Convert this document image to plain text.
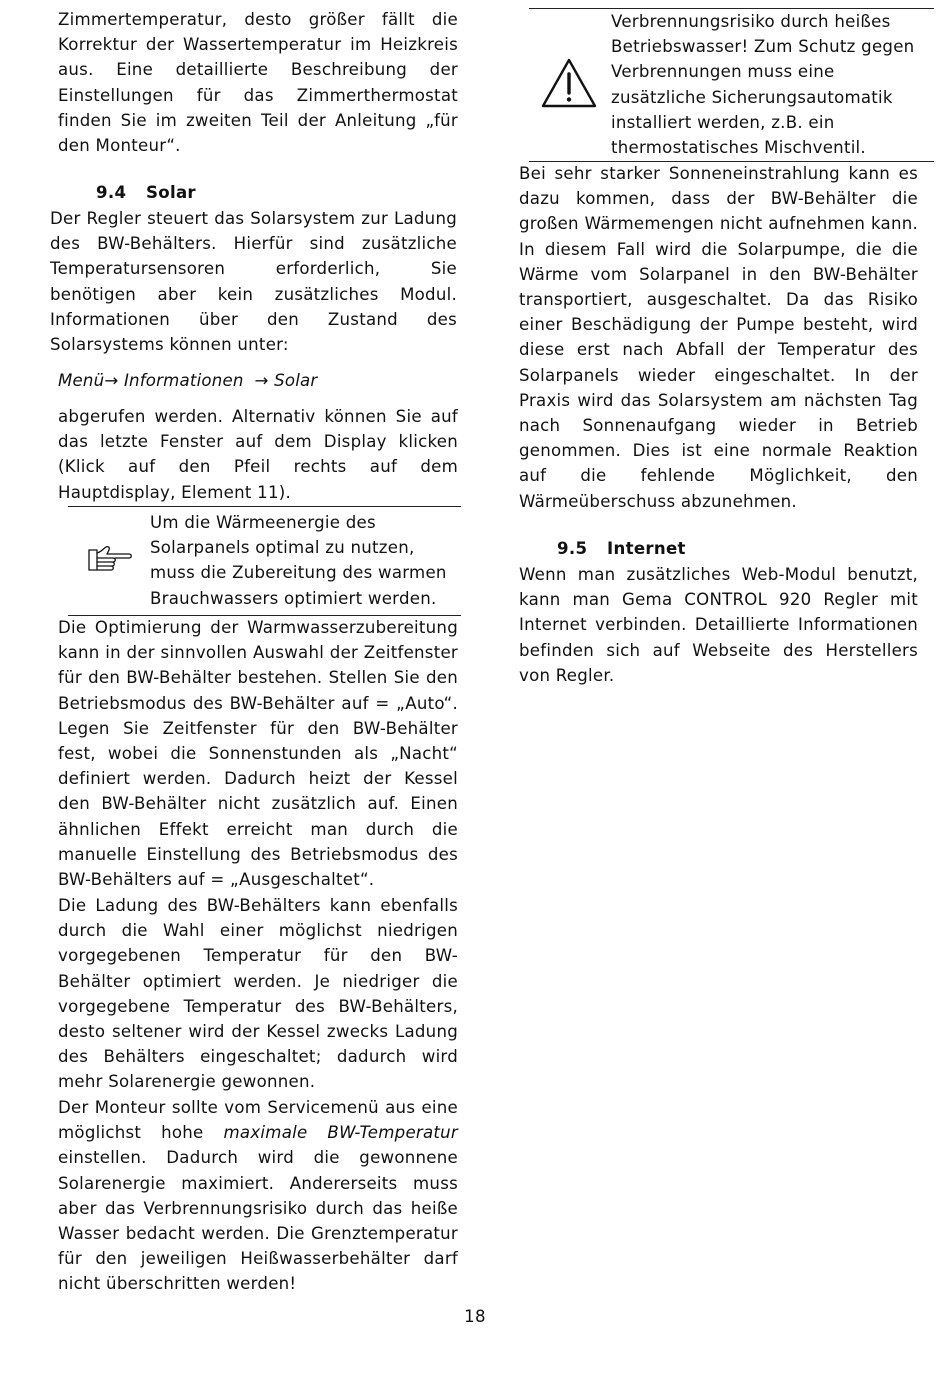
Zimmertemperatur, desto größer fällt die Korrektur der Wassertemperatur im Heizkreis aus. Eine detaillierte Beschreibung der Einstellungen für das Zimmerthermostat finden Sie im zweiten Teil der Anleitung „für den Monteur“.

9.4 Solar

Der Regler steuert das Solarsystem zur Ladung des BW-Behälters. Hierfür sind zusätzliche Temperatursensoren erforderlich, Sie benötigen aber kein zusätzliches Modul. Informationen über den Zustand des Solarsystems können unter:

Menü→ Informationen  → Solar

abgerufen werden. Alternativ können Sie auf das letzte Fenster auf dem Display klicken (Klick auf den Pfeil rechts auf dem Hauptdisplay, Element 11).

Um die Wärmeenergie des Solarpanels optimal zu nutzen, muss die Zubereitung des warmen Brauchwassers optimiert werden.

Die Optimierung der Warmwasserzubereitung kann in der sinnvollen Auswahl der Zeitfenster für den BW-Behälter bestehen. Stellen Sie den Betriebsmodus des BW-Behälter auf = „Auto“. Legen Sie Zeitfenster für den BW-Behälter fest, wobei die Sonnenstunden als „Nacht“ definiert werden. Dadurch heizt der Kessel den BW-Behälter nicht zusätzlich auf. Einen ähnlichen Effekt erreicht man durch die manuelle Einstellung des Betriebsmodus des BW-Behälters auf = „Ausgeschaltet“.

Die Ladung des BW-Behälters kann ebenfalls durch die Wahl einer möglichst niedrigen vorgegebenen Temperatur für den BW-Behälter optimiert werden. Je niedriger die vorgegebene Temperatur des BW-Behälters, desto seltener wird der Kessel zwecks Ladung des Behälters eingeschaltet; dadurch wird mehr Solarenergie gewonnen.

Der Monteur sollte vom Servicemenü aus eine möglichst hohe maximale BW-Temperatur einstellen. Dadurch wird die gewonnene Solarenergie maximiert. Andererseits muss aber das Verbrennungsrisiko durch das heiße Wasser bedacht werden. Die Grenztemperatur für den jeweiligen Heißwasserbehälter darf nicht überschritten werden!

Verbrennungsrisiko durch heißes Betriebswasser! Zum Schutz gegen Verbrennungen muss eine zusätzliche Sicherungsautomatik installiert werden, z.B. ein thermostatisches Mischventil.

Bei sehr starker Sonneneinstrahlung kann es dazu kommen, dass der BW-Behälter die großen Wärmemengen nicht aufnehmen kann. In diesem Fall wird die Solarpumpe, die die Wärme vom Solarpanel in den BW-Behälter transportiert, ausgeschaltet. Da das Risiko einer Beschädigung der Pumpe besteht, wird diese erst nach Abfall der Temperatur des Solarpanels wieder eingeschaltet. In der Praxis wird das Solarsystem am nächsten Tag nach Sonnenaufgang wieder in Betrieb genommen. Dies ist eine normale Reaktion auf die fehlende Möglichkeit, den Wärmeüberschuss abzunehmen.

9.5 Internet

Wenn man zusätzliches Web-Modul benutzt, kann man Gema CONTROL 920 Regler mit Internet verbinden. Detaillierte Informationen befinden sich auf Webseite des Herstellers von Regler.

18
